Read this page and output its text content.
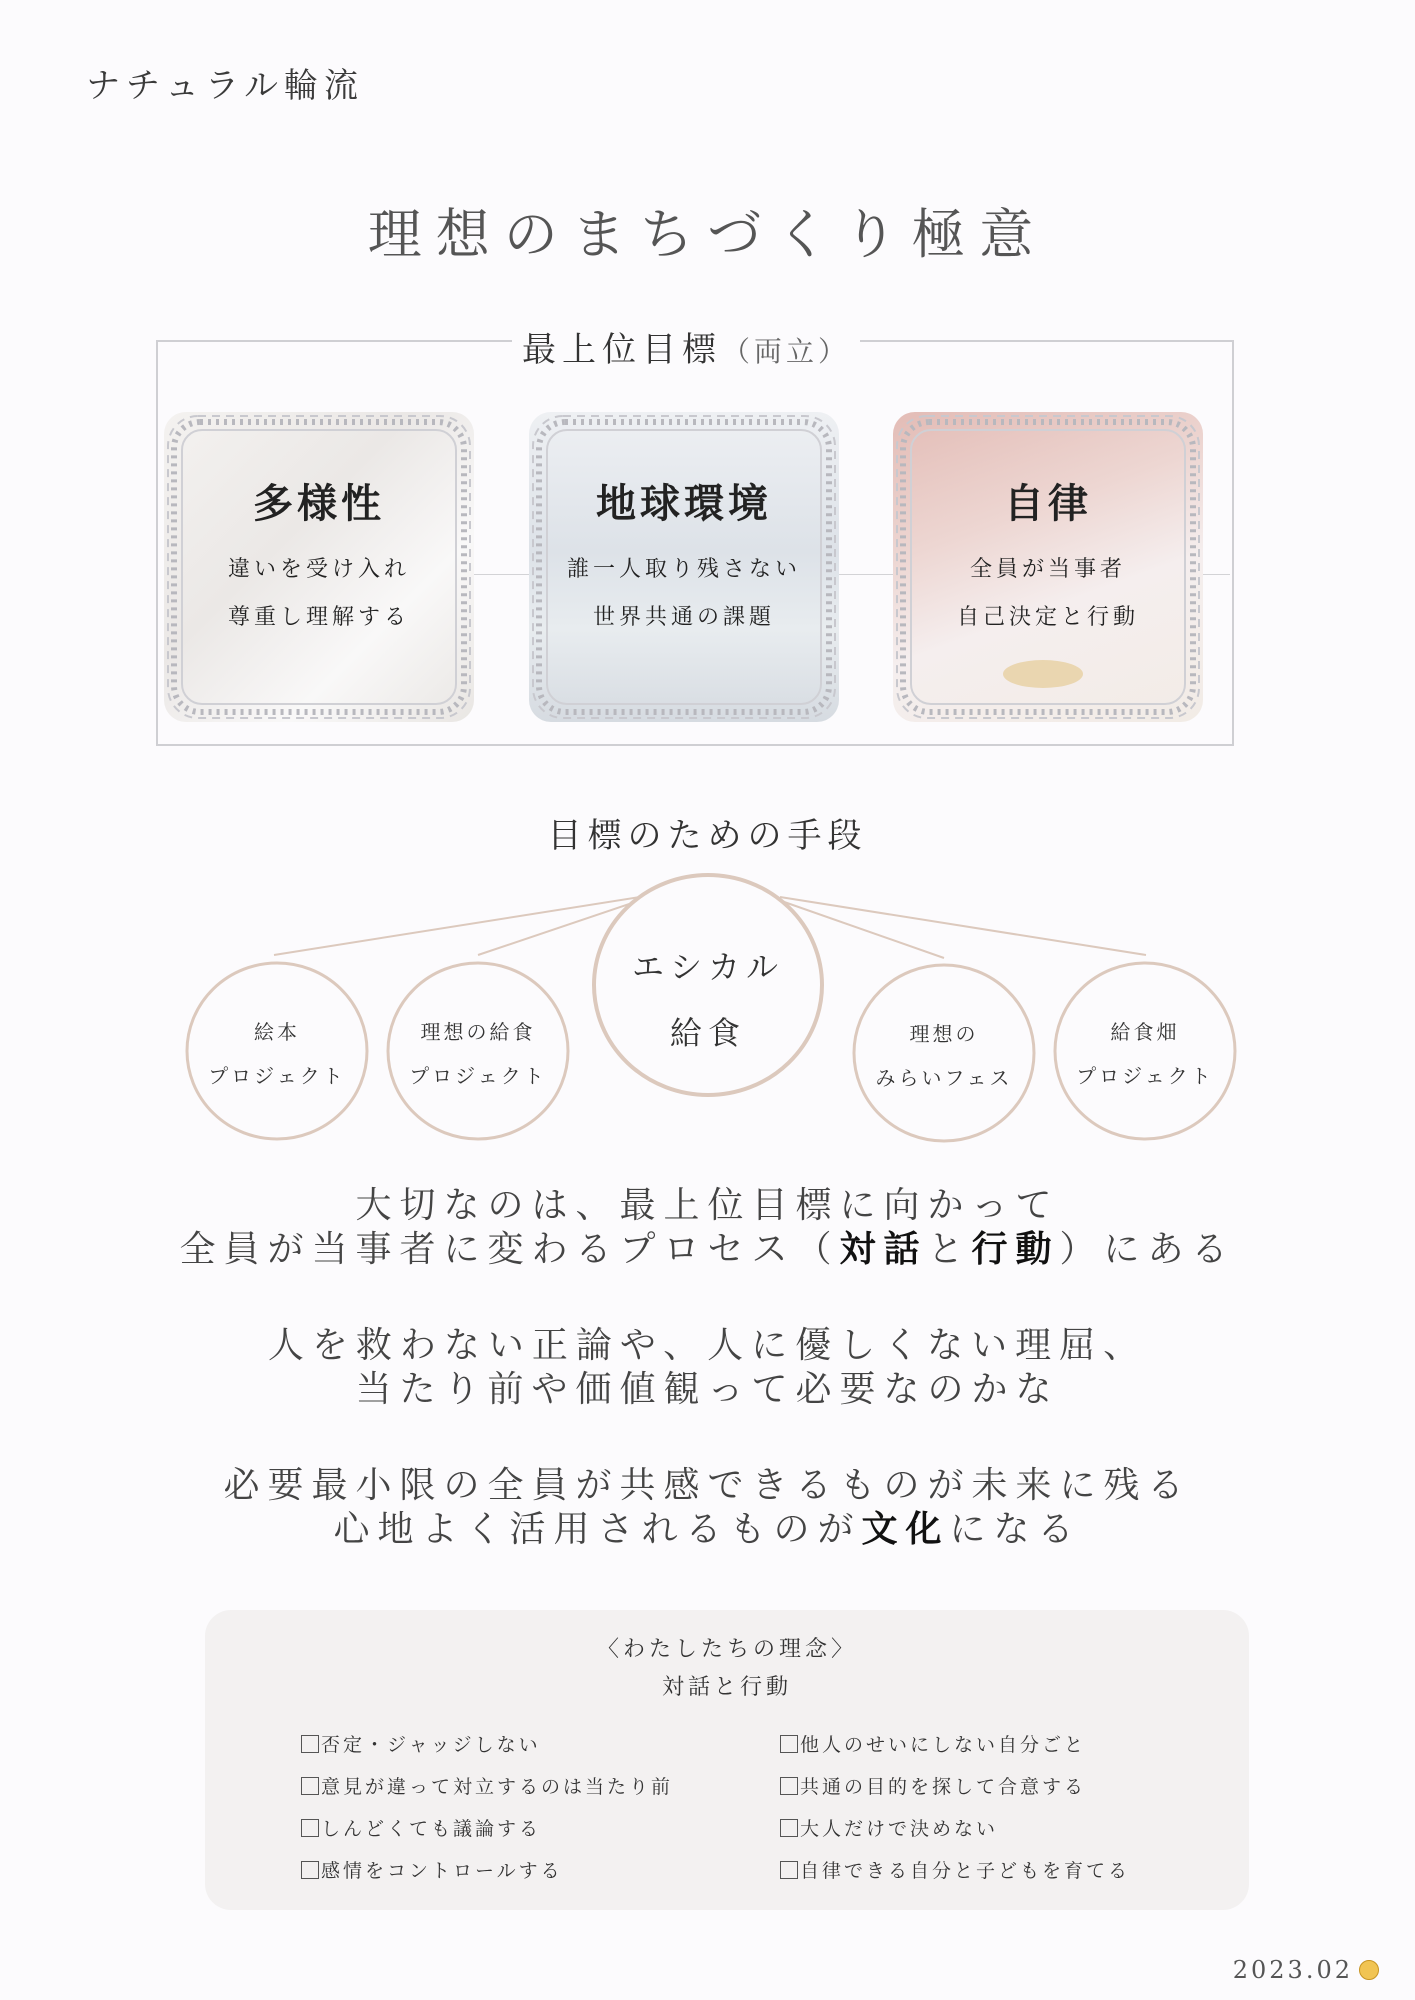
ナチュラル輪流
理想のまちづくり極意
最上位目標（両立）
多様性
違いを受け入れ
尊重し理解する
地球環境
誰一人取り残さない
世界共通の課題
自律
全員が当事者
自己決定と行動
目標のための手段
エシカル
給食
絵本
プロジェクト
理想の給食
プロジェクト
理想の
みらいフェス
給食畑
プロジェクト
大切なのは、最上位目標に向かって
全員が当事者に変わるプロセス（対話と行動）にある
人を救わない正論や、人に優しくない理屈、
当たり前や価値観って必要なのかな
必要最小限の全員が共感できるものが未来に残る
心地よく活用されるものが文化になる
〈わたしたちの理念〉
対話と行動
否定・ジャッジしない
意見が違って対立するのは当たり前
しんどくても議論する
感情をコントロールする
他人のせいにしない自分ごと
共通の目的を探して合意する
大人だけで決めない
自律できる自分と子どもを育てる
2023.02
